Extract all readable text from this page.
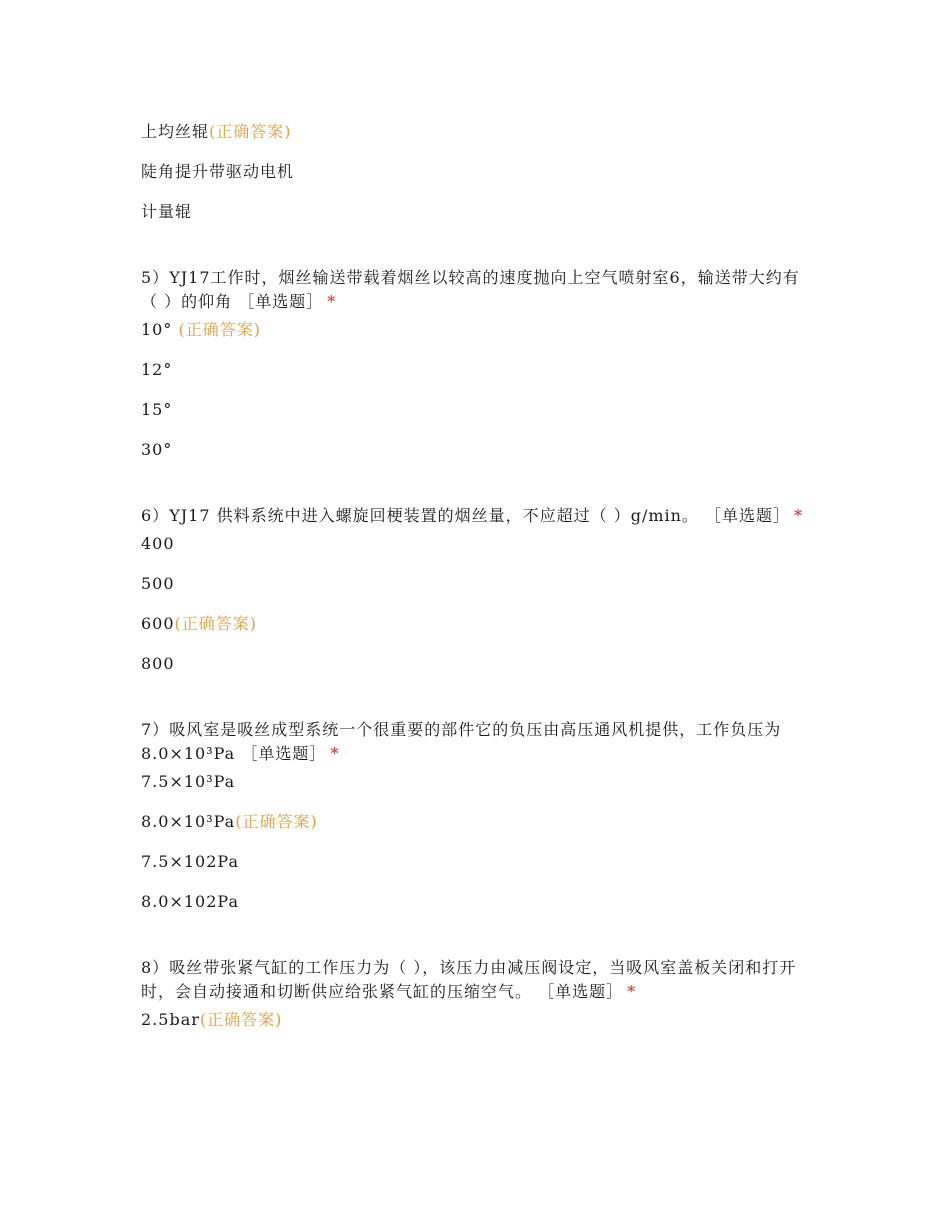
上均丝辊(正确答案)
陡角提升带驱动电机
计量辊
5）YJ17工作时，烟丝输送带载着烟丝以较高的速度抛向上空气喷射室6，输送带大约有（ ）的仰角 ［单选题］ *
10° (正确答案)
12°
15°
30°
6）YJ17 供料系统中进入螺旋回梗装置的烟丝量，不应超过（ ）g/min。 ［单选题］ *
400
500
600(正确答案)
800
7）吸风室是吸丝成型系统一个很重要的部件它的负压由高压通风机提供，工作负压为 8.0×10³Pa ［单选题］ *
7.5×10³Pa
8.0×10³Pa(正确答案)
7.5×102Pa
8.0×102Pa
8）吸丝带张紧气缸的工作压力为（ ），该压力由减压阀设定，当吸风室盖板关闭和打开时，会自动接通和切断供应给张紧气缸的压缩空气。 ［单选题］ *
2.5bar(正确答案)
